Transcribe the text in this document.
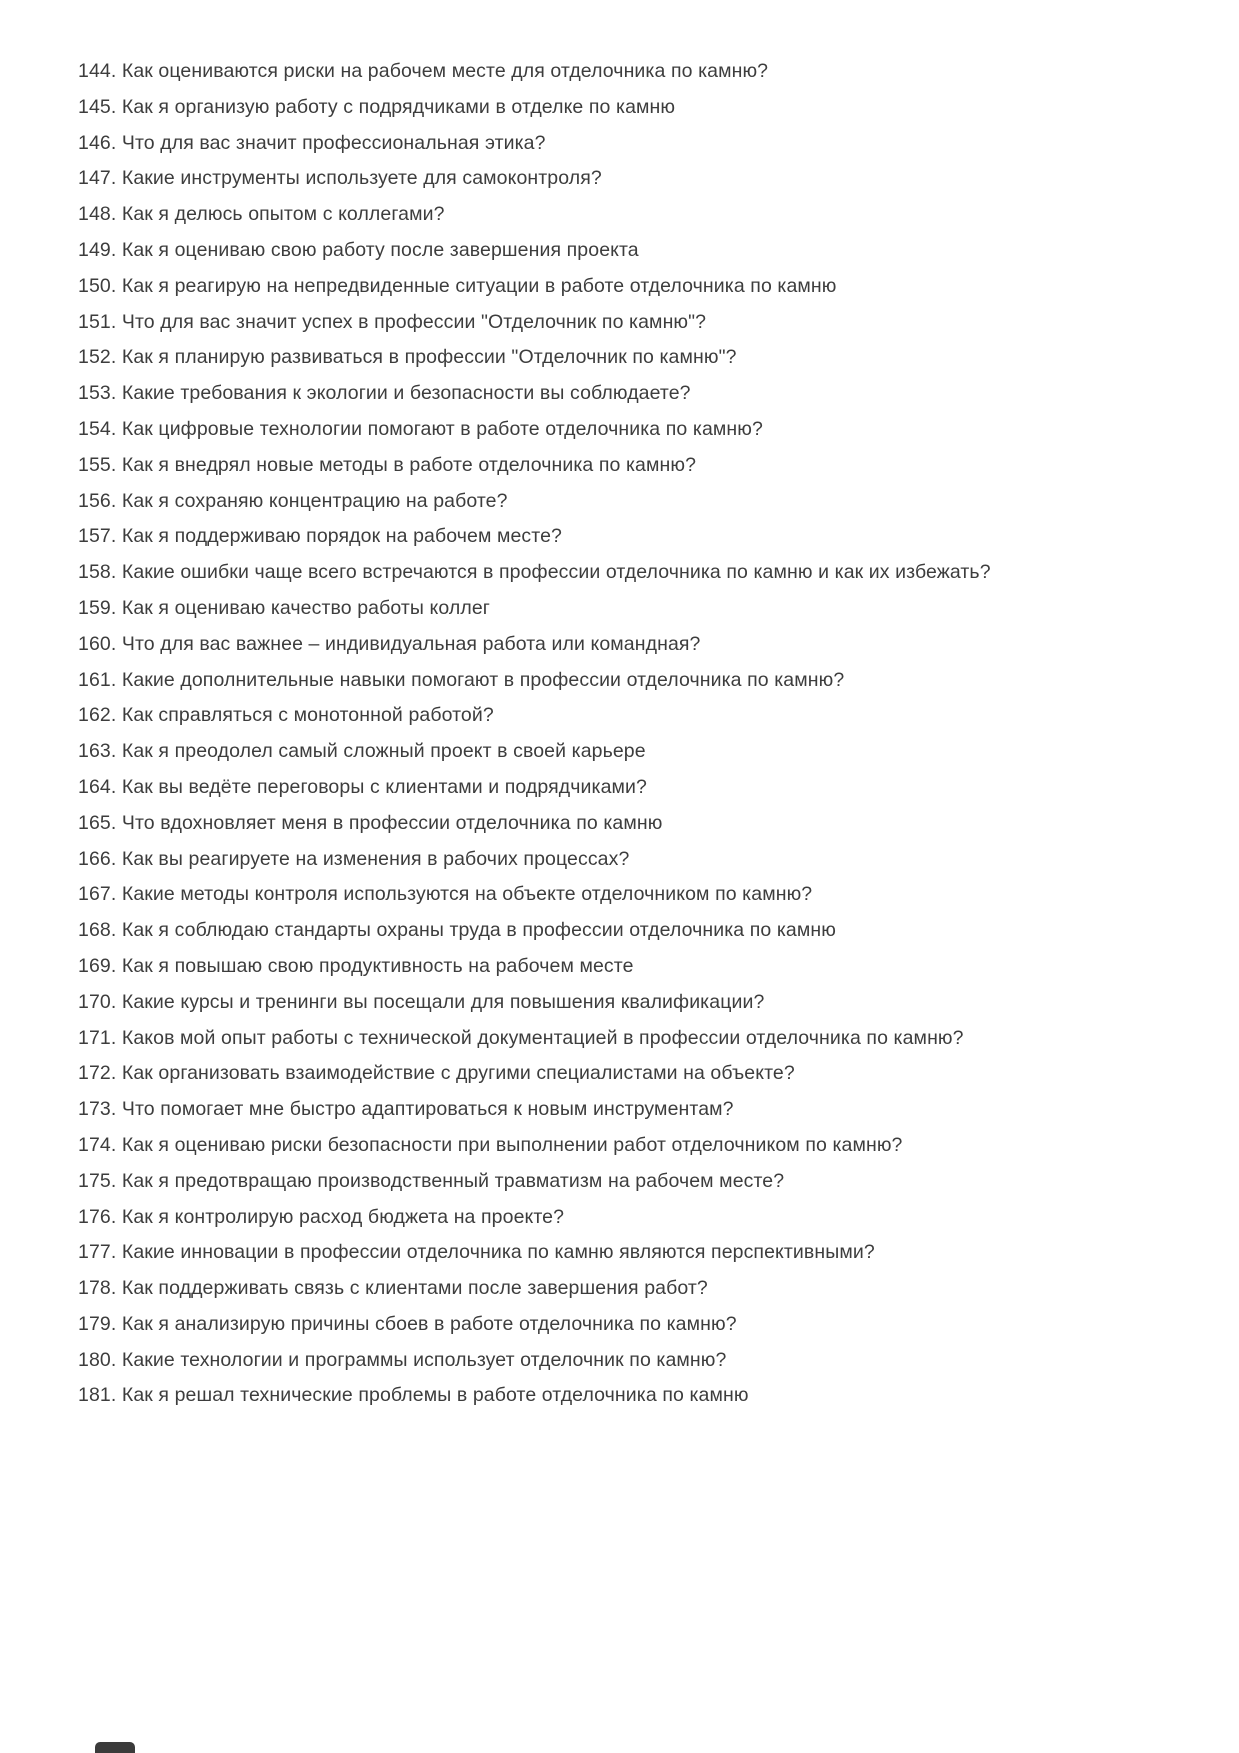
144. Как оцениваются риски на рабочем месте для отделочника по камню?

145. Как я организую работу с подрядчиками в отделке по камню

146. Что для вас значит профессиональная этика?

147. Какие инструменты используете для самоконтроля?

148. Как я делюсь опытом с коллегами?

149. Как я оцениваю свою работу после завершения проекта

150. Как я реагирую на непредвиденные ситуации в работе отделочника по камню

151. Что для вас значит успех в профессии "Отделочник по камню"?

152. Как я планирую развиваться в профессии "Отделочник по камню"?

153. Какие требования к экологии и безопасности вы соблюдаете?

154. Как цифровые технологии помогают в работе отделочника по камню?

155. Как я внедрял новые методы в работе отделочника по камню?

156. Как я сохраняю концентрацию на работе?

157. Как я поддерживаю порядок на рабочем месте?

158. Какие ошибки чаще всего встречаются в профессии отделочника по камню и как их избежать?

159. Как я оцениваю качество работы коллег

160. Что для вас важнее – индивидуальная работа или командная?

161. Какие дополнительные навыки помогают в профессии отделочника по камню?

162. Как справляться с монотонной работой?

163. Как я преодолел самый сложный проект в своей карьере

164. Как вы ведёте переговоры с клиентами и подрядчиками?

165. Что вдохновляет меня в профессии отделочника по камню

166. Как вы реагируете на изменения в рабочих процессах?

167. Какие методы контроля используются на объекте отделочником по камню?

168. Как я соблюдаю стандарты охраны труда в профессии отделочника по камню

169. Как я повышаю свою продуктивность на рабочем месте

170. Какие курсы и тренинги вы посещали для повышения квалификации?

171. Каков мой опыт работы с технической документацией в профессии отделочника по камню?

172. Как организовать взаимодействие с другими специалистами на объекте?

173. Что помогает мне быстро адаптироваться к новым инструментам?

174. Как я оцениваю риски безопасности при выполнении работ отделочником по камню?

175. Как я предотвращаю производственный травматизм на рабочем месте?

176. Как я контролирую расход бюджета на проекте?

177. Какие инновации в профессии отделочника по камню являются перспективными?

178. Как поддерживать связь с клиентами после завершения работ?

179. Как я анализирую причины сбоев в работе отделочника по камню?

180. Какие технологии и программы использует отделочник по камню?

181. Как я решал технические проблемы в работе отделочника по камню
